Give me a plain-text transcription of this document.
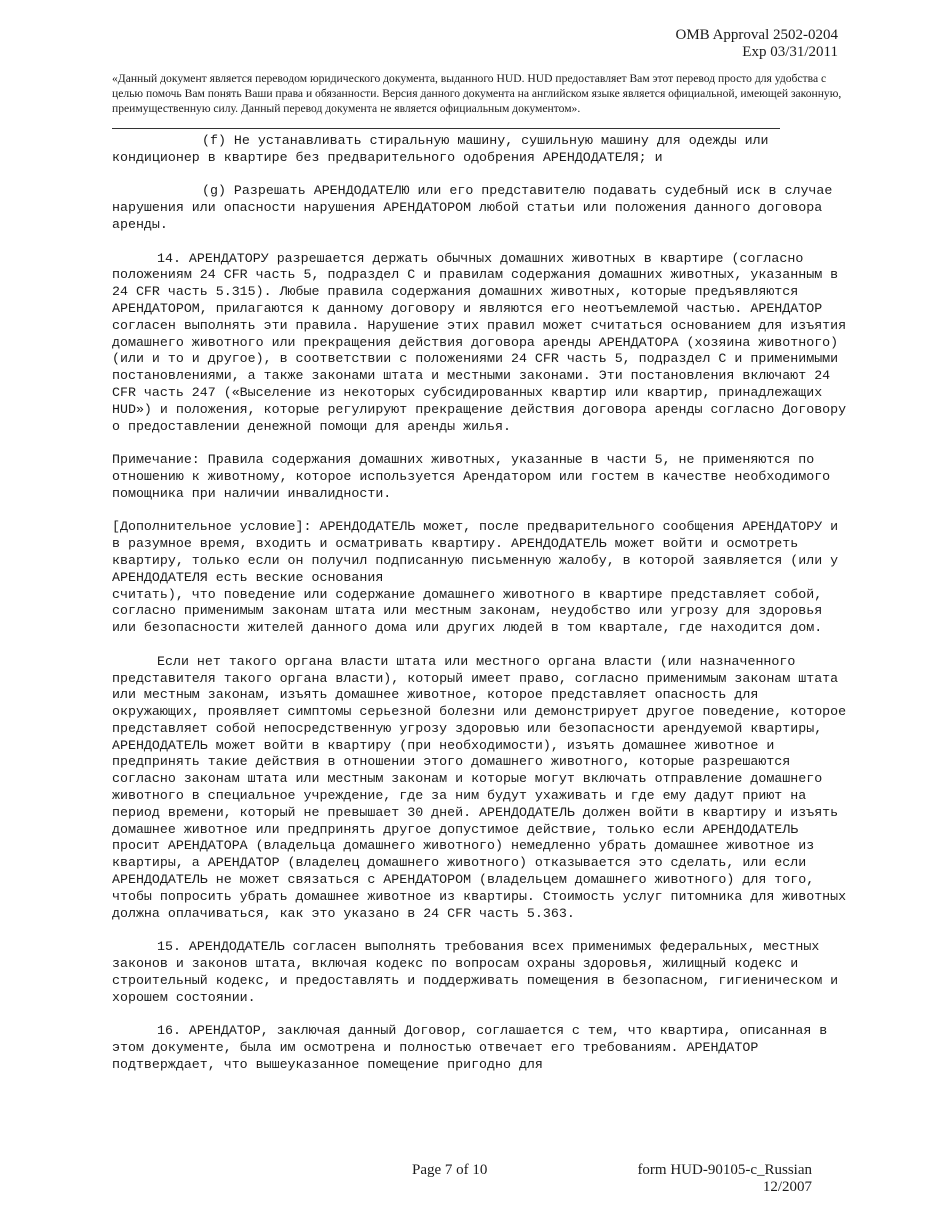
OMB Approval 2502-0204
Exp 03/31/2011
«Данный документ является переводом юридического документа, выданного HUD. HUD предоставляет Вам этот перевод просто для удобства с целью помочь Вам понять Ваши права и обязанности. Версия данного документа на английском языке является официальной, имеющей законную, преимущественную силу. Данный перевод документа не является официальным документом».

(f) Не устанавливать стиральную машину, сушильную машину для одежды или кондиционер в квартире без предварительного одобрения АРЕНДОДАТЕЛЯ; и

(g) Разрешать АРЕНДОДАТЕЛЮ или его представителю подавать судебный иск в случае нарушения или опасности нарушения АРЕНДАТОРОМ любой статьи или положения данного договора аренды.

14. АРЕНДАТОРУ разрешается держать обычных домашних животных в квартире (согласно положениям 24 CFR часть 5, подраздел C и правилам содержания домашних животных, указанным в 24 CFR часть 5.315). Любые правила содержания домашних животных, которые предъявляются АРЕНДАТОРОМ, прилагаются к данному договору и являются его неотъемлемой частью. АРЕНДАТОР согласен выполнять эти правила. Нарушение этих правил может считаться основанием для изъятия домашнего животного или прекращения действия договора аренды АРЕНДАТОРА (хозяина животного) (или и то и другое), в соответствии с положениями 24 CFR часть 5, подраздел C и применимыми постановлениями, а также законами штата и местными законами. Эти постановления включают 24 CFR часть 247 («Выселение из некоторых субсидированных квартир или квартир, принадлежащих HUD») и положения, которые регулируют прекращение действия договора аренды согласно Договору о предоставлении денежной помощи для аренды жилья.

Примечание: Правила содержания домашних животных, указанные в части 5, не применяются по отношению к животному, которое используется Арендатором или гостем в качестве необходимого помощника при наличии инвалидности.

[Дополнительное условие]: АРЕНДОДАТЕЛЬ может, после предварительного сообщения АРЕНДАТОРУ и в разумное время, входить и осматривать квартиру. АРЕНДОДАТЕЛЬ может войти и осмотреть квартиру, только если он получил подписанную письменную жалобу, в которой заявляется (или у АРЕНДОДАТЕЛЯ есть веские основания

считать), что поведение или содержание домашнего животного в квартире представляет собой, согласно применимым законам штата или местным законам, неудобство или угрозу для здоровья или безопасности жителей данного дома или других людей в том квартале, где находится дом.

Если нет такого органа власти штата или местного органа власти (или назначенного представителя такого органа власти), который имеет право, согласно применимым законам штата или местным законам, изъять домашнее животное, которое представляет опасность для окружающих, проявляет симптомы серьезной болезни или демонстрирует другое поведение, которое представляет собой непосредственную угрозу здоровью или безопасности арендуемой квартиры, АРЕНДОДАТЕЛЬ может войти в квартиру (при необходимости), изъять домашнее животное и предпринять такие действия в отношении этого домашнего животного, которые разрешаются согласно законам штата или местным законам и которые могут включать отправление домашнего животного в специальное учреждение, где за ним будут ухаживать и где ему дадут приют на период времени, который не превышает 30 дней. АРЕНДОДАТЕЛЬ должен войти в квартиру и изъять домашнее животное или предпринять другое допустимое действие, только если АРЕНДОДАТЕЛЬ просит АРЕНДАТОРА (владельца домашнего животного) немедленно убрать домашнее животное из квартиры, а АРЕНДАТОР (владелец домашнего животного) отказывается это сделать, или если АРЕНДОДАТЕЛЬ не может связаться с АРЕНДАТОРОМ (владельцем домашнего животного) для того, чтобы попросить убрать домашнее животное из квартиры. Стоимость услуг питомника для животных должна оплачиваться, как это указано в 24 CFR часть 5.363.

15. АРЕНДОДАТЕЛЬ согласен выполнять требования всех применимых федеральных, местных законов и законов штата, включая кодекс по вопросам охраны здоровья, жилищный кодекс и строительный кодекс, и предоставлять и поддерживать помещения в безопасном, гигиеническом и хорошем состоянии.

16. АРЕНДАТОР, заключая данный Договор, соглашается с тем, что квартира, описанная в этом документе, была им осмотрена и полностью отвечает его требованиям. АРЕНДАТОР подтверждает, что вышеуказанное помещение пригодно для

Page 7 of 10	form HUD-90105-c_Russian
12/2007
